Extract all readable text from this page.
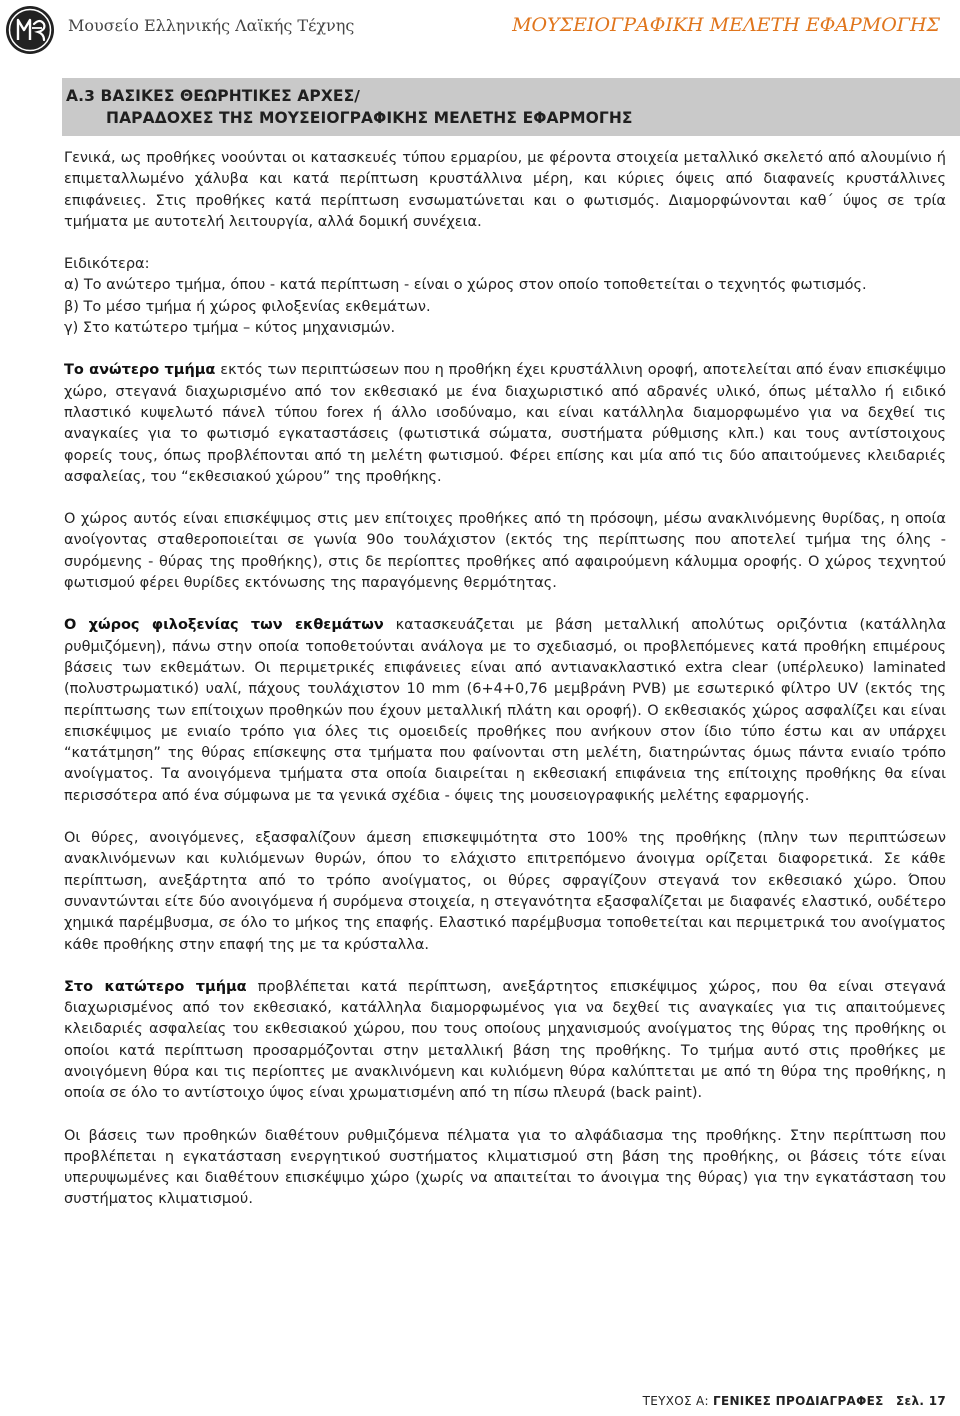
Μουσείο Ελληνικής Λαϊκής Τέχνης	ΜΟΥΣΕΙΟΓΡΑΦΙΚΗ ΜΕΛΕΤΗ ΕΦΑΡΜΟΓΗΣ
Α.3 ΒΑΣΙΚΕΣ ΘΕΩΡΗΤΙΚΕΣ ΑΡΧΕΣ/
ΠΑΡΑΔΟΧΕΣ ΤΗΣ ΜΟΥΣΕΙΟΓΡΑΦΙΚΗΣ ΜΕΛΕΤΗΣ ΕΦΑΡΜΟΓΗΣ

Γενικά, ως προθήκες νοούνται οι κατασκευές τύπου ερμαρίου, με φέροντα στοιχεία μεταλλικό σκελετό από αλουμίνιο ή επιμεταλλωμένο χάλυβα και κατά περίπτωση κρυστάλλινα μέρη, και κύριες όψεις από διαφανείς κρυστάλλινες επιφάνειες. Στις προθήκες κατά περίπτωση ενσωματώνεται και ο φωτισμός. Διαμορφώνονται καθ΄ ύψος σε τρία τμήματα με αυτοτελή λειτουργία, αλλά δομική συνέχεια.

Ειδικότερα:

α) Το ανώτερο τμήμα, όπου - κατά περίπτωση - είναι ο χώρος στον οποίο τοποθετείται ο τεχνητός φωτισμός.

β) Το μέσο τμήμα ή χώρος φιλοξενίας εκθεμάτων.

γ) Στο κατώτερο τμήμα – κύτος μηχανισμών.

Το ανώτερο τμήμα εκτός των περιπτώσεων που η προθήκη έχει κρυστάλλινη οροφή, αποτελείται από έναν επισκέψιμο χώρο, στεγανά διαχωρισμένο από τον εκθεσιακό με ένα διαχωριστικό από αδρανές υλικό, όπως μέταλλο ή ειδικό πλαστικό κυψελωτό πάνελ τύπου forex ή άλλο ισοδύναμο, και είναι κατάλληλα διαμορφωμένο για να δεχθεί τις αναγκαίες για το φωτισμό εγκαταστάσεις (φωτιστικά σώματα, συστήματα ρύθμισης κλπ.) και τους αντίστοιχους φορείς τους, όπως προβλέπονται από τη μελέτη φωτισμού. Φέρει επίσης και μία από τις δύο απαιτούμενες κλειδαριές ασφαλείας, του “εκθεσιακού χώρου” της προθήκης.

Ο χώρος αυτός είναι επισκέψιμος στις μεν επίτοιχες προθήκες από τη πρόσοψη, μέσω ανακλινόμενης θυρίδας, η οποία ανοίγοντας σταθεροποιείται σε γωνία 90ο τουλάχιστον (εκτός της περίπτωσης που αποτελεί τμήμα της όλης - συρόμενης - θύρας της προθήκης), στις δε περίοπτες προθήκες από αφαιρούμενη κάλυμμα οροφής. Ο χώρος τεχνητού φωτισμού φέρει θυρίδες εκτόνωσης της παραγόμενης θερμότητας.

Ο χώρος φιλοξενίας των εκθεμάτων κατασκευάζεται με βάση μεταλλική απολύτως οριζόντια (κατάλληλα ρυθμιζόμενη), πάνω στην οποία τοποθετούνται ανάλογα με το σχεδιασμό, οι προβλεπόμενες κατά προθήκη επιμέρους βάσεις των εκθεμάτων. Οι περιμετρικές επιφάνειες είναι από αντιανακλαστικό extra clear (υπέρλευκο) laminated (πολυστρωματικό) υαλί, πάχους τουλάχιστον 10 mm (6+4+0,76 μεμβράνη PVB) με εσωτερικό φίλτρο UV (εκτός της περίπτωσης των επίτοιχων προθηκών που έχουν μεταλλική πλάτη και οροφή). Ο εκθεσιακός χώρος ασφαλίζει και είναι επισκέψιμος με ενιαίο τρόπο για όλες τις ομοειδείς προθήκες που ανήκουν στον ίδιο τύπο έστω και αν υπάρχει “κατάτμηση” της θύρας επίσκεψης στα τμήματα που φαίνονται στη μελέτη, διατηρώντας όμως πάντα ενιαίο τρόπο ανοίγματος. Τα ανοιγόμενα τμήματα στα οποία διαιρείται η εκθεσιακή επιφάνεια της επίτοιχης προθήκης θα είναι περισσότερα από ένα σύμφωνα με τα γενικά σχέδια - όψεις της μουσειογραφικής μελέτης εφαρμογής.

Οι θύρες, ανοιγόμενες, εξασφαλίζουν άμεση επισκεψιμότητα στο 100% της προθήκης (πλην των περιπτώσεων ανακλινόμενων και κυλιόμενων θυρών, όπου το ελάχιστο επιτρεπόμενο άνοιγμα ορίζεται διαφορετικά. Σε κάθε περίπτωση, ανεξάρτητα από το τρόπο ανοίγματος, οι θύρες σφραγίζουν στεγανά τον εκθεσιακό χώρο. Όπου συναντώνται είτε δύο ανοιγόμενα ή συρόμενα στοιχεία, η στεγανότητα εξασφαλίζεται με διαφανές ελαστικό, ουδέτερο χημικά παρέμβυσμα, σε όλο το μήκος της επαφής. Ελαστικό παρέμβυσμα τοποθετείται και περιμετρικά του ανοίγματος κάθε προθήκης στην επαφή της με τα κρύσταλλα.

Στο κατώτερο τμήμα προβλέπεται κατά περίπτωση, ανεξάρτητος επισκέψιμος χώρος, που θα είναι στεγανά διαχωρισμένος από τον εκθεσιακό, κατάλληλα διαμορφωμένος για να δεχθεί τις αναγκαίες για τις απαιτούμενες κλειδαριές ασφαλείας του εκθεσιακού χώρου, που τους οποίους μηχανισμούς ανοίγματος της θύρας της προθήκης οι οποίοι κατά περίπτωση προσαρμόζονται στην μεταλλική βάση της προθήκης. Το τμήμα αυτό στις προθήκες με ανοιγόμενη θύρα και τις περίοπτες με ανακλινόμενη και κυλιόμενη θύρα καλύπτεται με από τη θύρα της προθήκης, η οποία σε όλο το αντίστοιχο ύψος είναι χρωματισμένη από τη πίσω πλευρά (back paint).

Οι βάσεις των προθηκών διαθέτουν ρυθμιζόμενα πέλματα για το αλφάδιασμα της προθήκης. Στην περίπτωση που προβλέπεται η εγκατάσταση ενεργητικού συστήματος κλιματισμού στη βάση της προθήκης, οι βάσεις τότε είναι υπερυψωμένες και διαθέτουν επισκέψιμο χώρο (χωρίς να απαιτείται το άνοιγμα της θύρας) για την εγκατάσταση του συστήματος κλιματισμού.

ΤΕΥΧΟΣ Α: ΓΕΝΙΚΕΣ ΠΡΟΔΙΑΓΡΑΦΕΣ Σελ. 17
